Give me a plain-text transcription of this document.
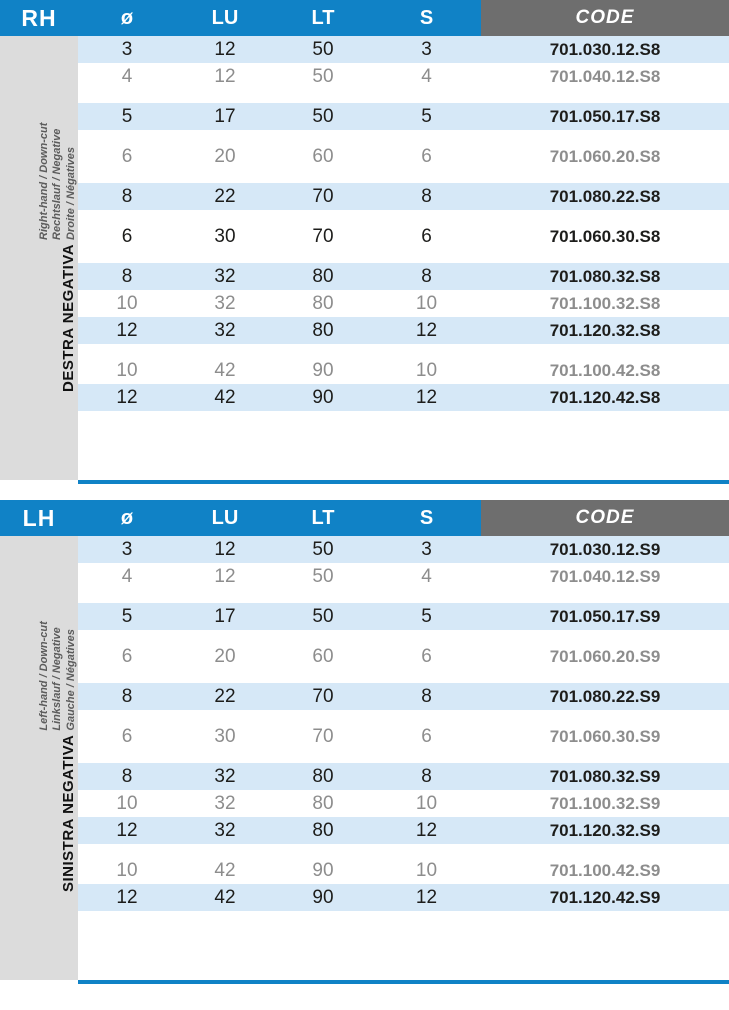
RH
DESTRA NEGATIVA
Right-hand / Down-cut Rechtslauf / Negative Droite / Négatives
ø	LU	LT	S	CODE
3	12	50	3	701.030.12.S8
4	12	50	4	701.040.12.S8
5	17	50	5	701.050.17.S8
6	20	60	6	701.060.20.S8
8	22	70	8	701.080.22.S8
6	30	70	6	701.060.30.S8
8	32	80	8	701.080.32.S8
10	32	80	10	701.100.32.S8
12	32	80	12	701.120.32.S8
10	42	90	10	701.100.42.S8
12	42	90	12	701.120.42.S8
LH
SINISTRA NEGATIVA
Left-hand / Down-cut Linkslauf / Negative Gauche / Négatives
ø	LU	LT	S	CODE
3	12	50	3	701.030.12.S9
4	12	50	4	701.040.12.S9
5	17	50	5	701.050.17.S9
6	20	60	6	701.060.20.S9
8	22	70	8	701.080.22.S9
6	30	70	6	701.060.30.S9
8	32	80	8	701.080.32.S9
10	32	80	10	701.100.32.S9
12	32	80	12	701.120.32.S9
10	42	90	10	701.100.42.S9
12	42	90	12	701.120.42.S9
